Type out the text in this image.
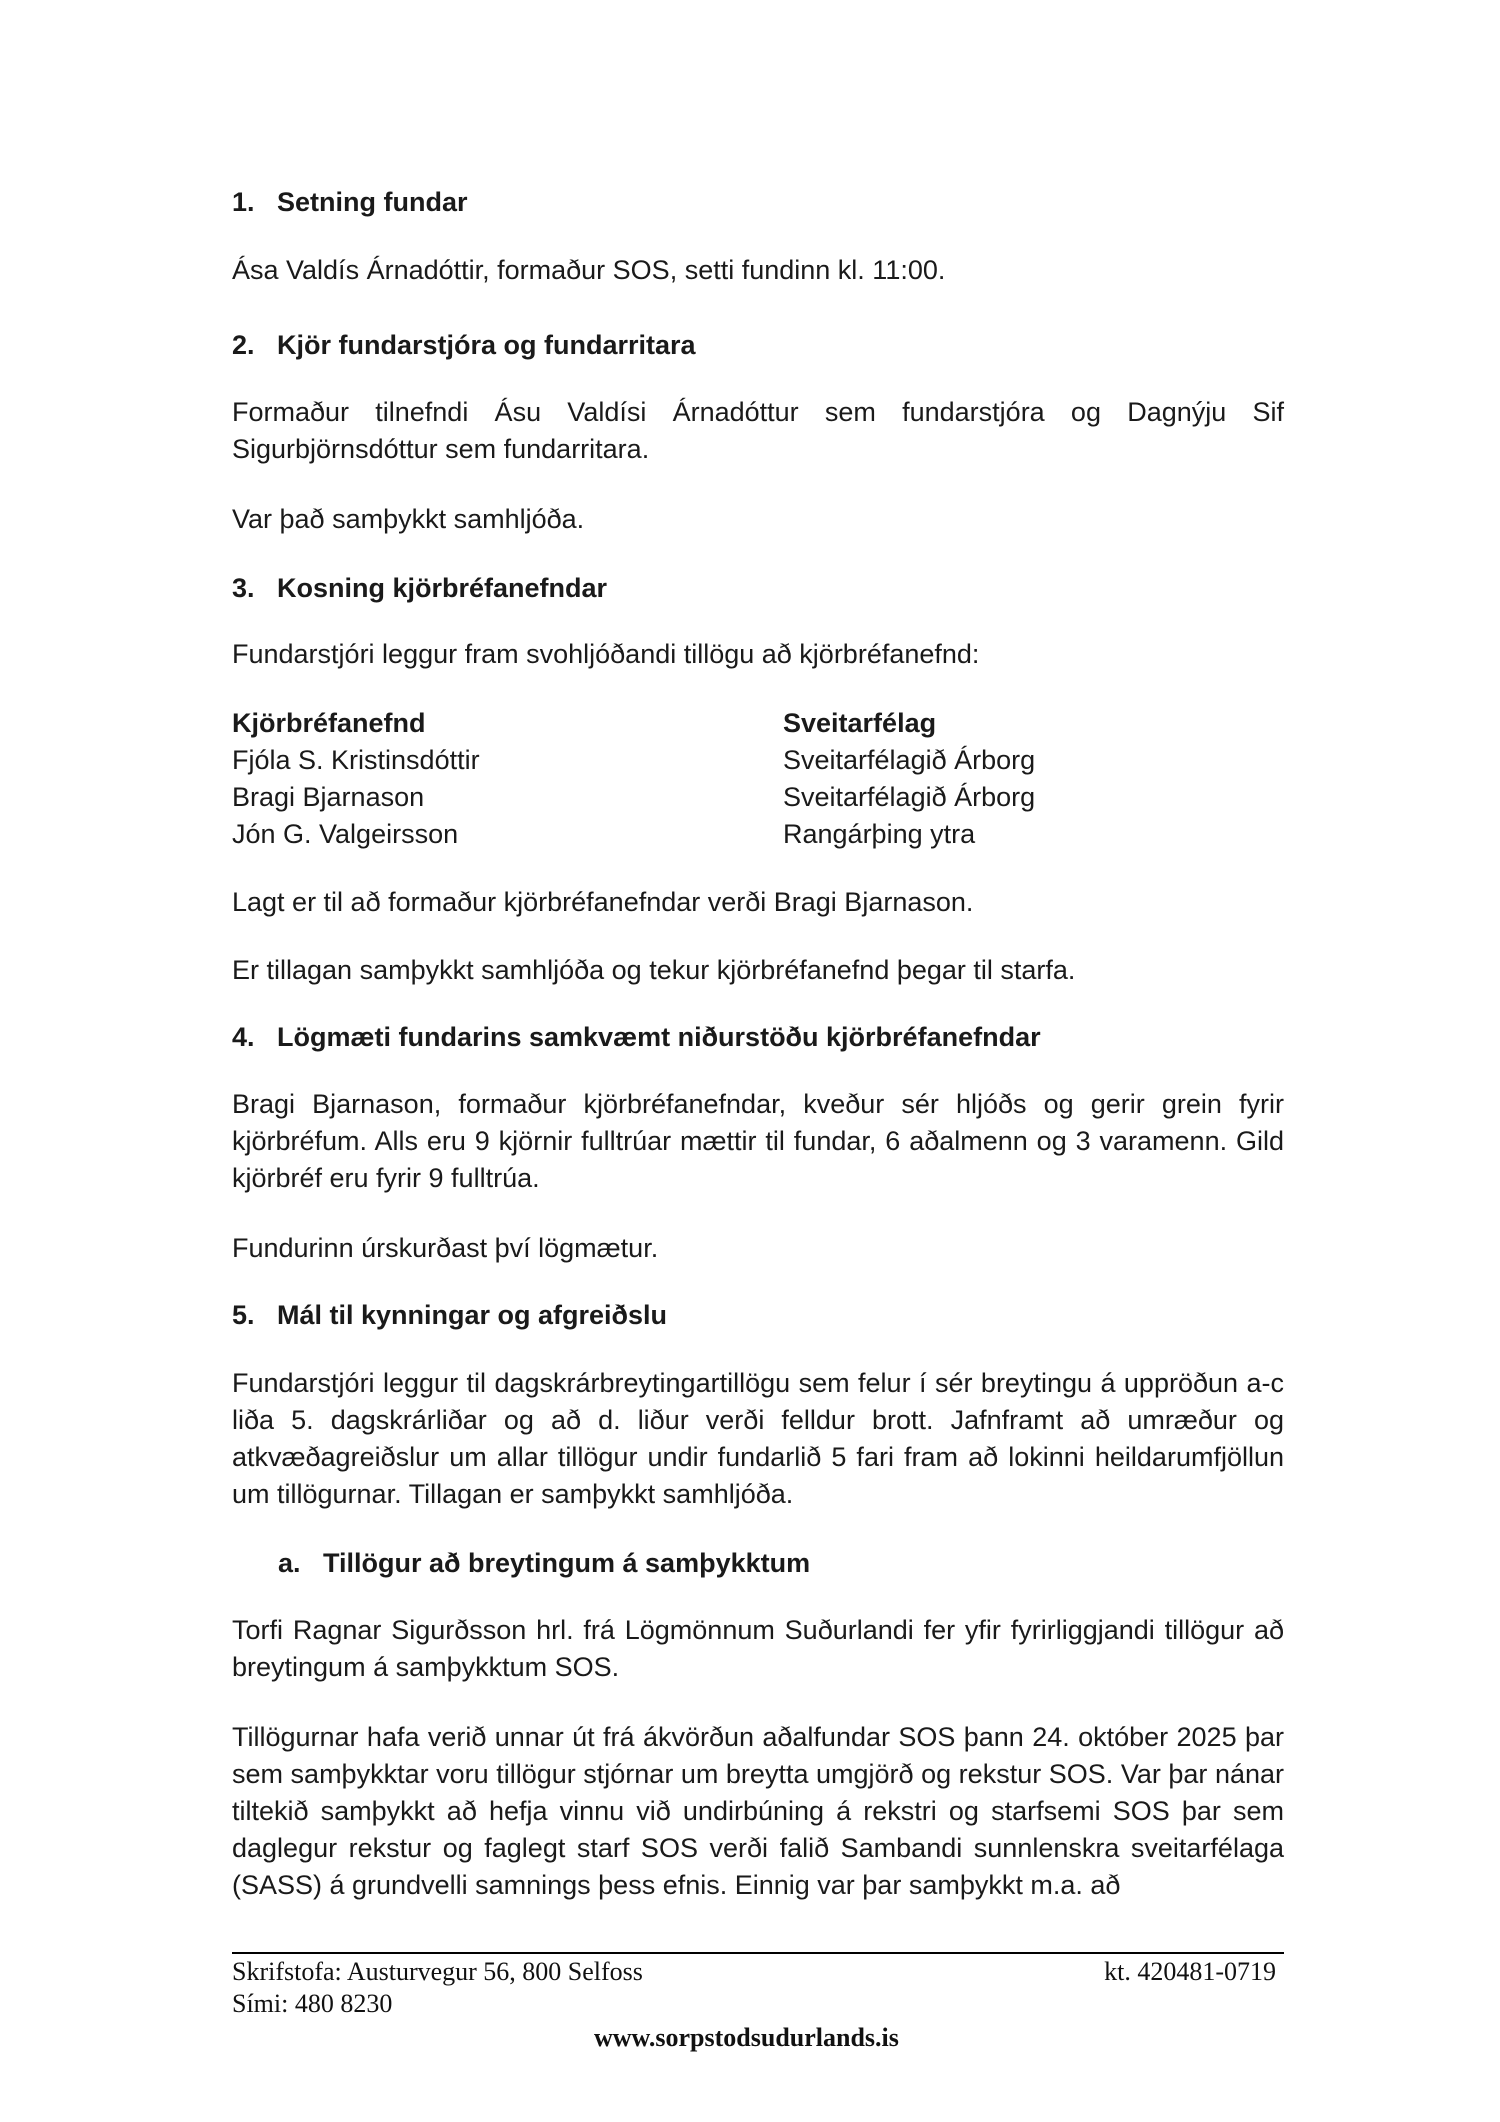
1. Setning fundar
Ása Valdís Árnadóttir, formaður SOS, setti fundinn kl. 11:00.
2. Kjör fundarstjóra og fundarritara
Formaður tilnefndi Ásu Valdísi Árnadóttur sem fundarstjóra og Dagnýju Sif Sigurbjörnsdóttur sem fundarritara.
Var það samþykkt samhljóða.
3. Kosning kjörbréfanefndar
Fundarstjóri leggur fram svohljóðandi tillögu að kjörbréfanefnd:
Kjörbréfanefnd	Sveitarfélag
Fjóla S. Kristinsdóttir	Sveitarfélagið Árborg
Bragi Bjarnason	Sveitarfélagið Árborg
Jón G. Valgeirsson	Rangárþing ytra
Lagt er til að formaður kjörbréfanefndar verði Bragi Bjarnason.
Er tillagan samþykkt samhljóða og tekur kjörbréfanefnd þegar til starfa.
4. Lögmæti fundarins samkvæmt niðurstöðu kjörbréfanefndar
Bragi Bjarnason, formaður kjörbréfanefndar, kveður sér hljóðs og gerir grein fyrir kjörbréfum. Alls eru 9 kjörnir fulltrúar mættir til fundar, 6 aðalmenn og 3 varamenn. Gild kjörbréf eru fyrir 9 fulltrúa.
Fundurinn úrskurðast því lögmætur.
5. Mál til kynningar og afgreiðslu
Fundarstjóri leggur til dagskrárbreytingartillögu sem felur í sér breytingu á uppröðun a-c liða 5. dagskrárliðar og að d. liður verði felldur brott. Jafnframt að umræður og atkvæðagreiðslur um allar tillögur undir fundarlið 5 fari fram að lokinni heildarumfjöllun um tillögurnar. Tillagan er samþykkt samhljóða.
a. Tillögur að breytingum á samþykktum
Torfi Ragnar Sigurðsson hrl. frá Lögmönnum Suðurlandi fer yfir fyrirliggjandi tillögur að breytingum á samþykktum SOS.
Tillögurnar hafa verið unnar út frá ákvörðun aðalfundar SOS þann 24. október 2025 þar sem samþykktar voru tillögur stjórnar um breytta umgjörð og rekstur SOS. Var þar nánar tiltekið samþykkt að hefja vinnu við undirbúning á rekstri og starfsemi SOS þar sem daglegur rekstur og faglegt starf SOS verði falið Sambandi sunnlenskra sveitarfélaga (SASS) á grundvelli samnings þess efnis. Einnig var þar samþykkt m.a. að
Skrifstofa: Austurvegur 56, 800 Selfoss
Sími: 480 8230
kt. 420481-0719
www.sorpstodsudurlands.is
